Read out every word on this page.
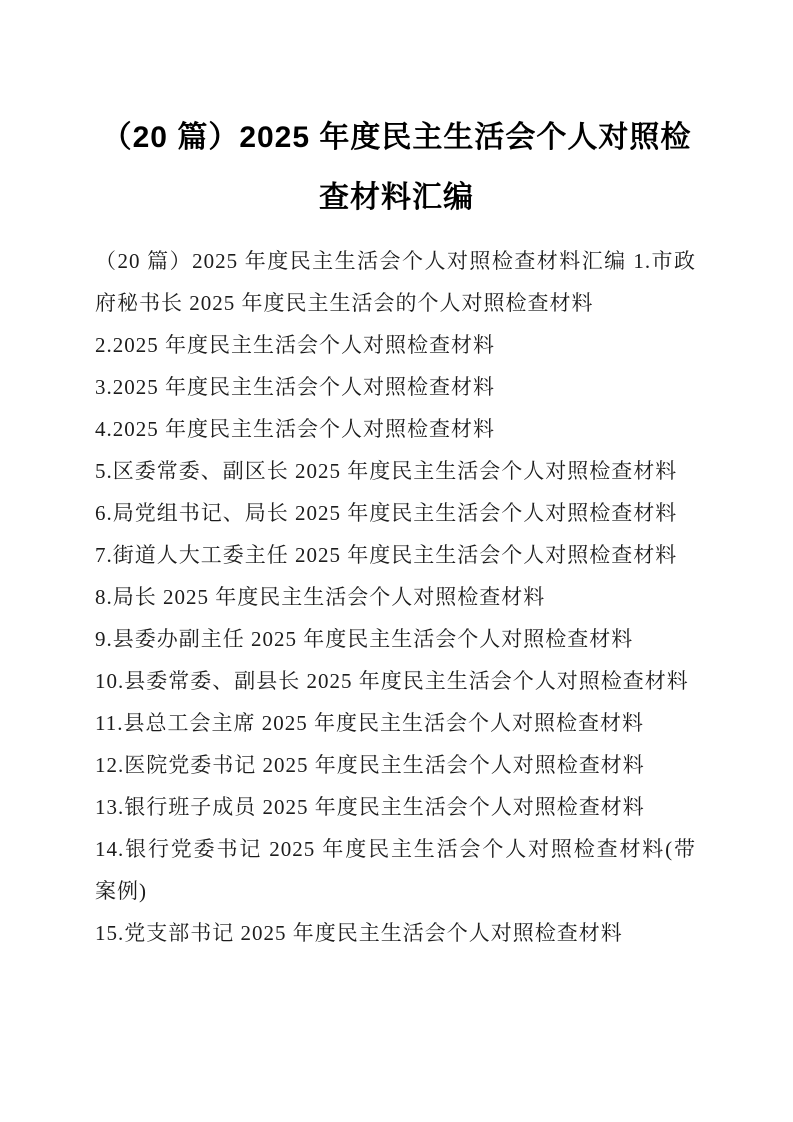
（20 篇）2025 年度民主生活会个人对照检
查材料汇编

（20 篇）2025 年度民主生活会个人对照检查材料汇编 1.市政府秘书长 2025 年度民主生活会的个人对照检查材料

2.2025 年度民主生活会个人对照检查材料

3.2025 年度民主生活会个人对照检查材料

4.2025 年度民主生活会个人对照检查材料

5.区委常委、副区长 2025 年度民主生活会个人对照检查材料

6.局党组书记、局长 2025 年度民主生活会个人对照检查材料

7.街道人大工委主任 2025 年度民主生活会个人对照检查材料

8.局长 2025 年度民主生活会个人对照检查材料

9.县委办副主任 2025 年度民主生活会个人对照检查材料

10.县委常委、副县长 2025 年度民主生活会个人对照检查材料

11.县总工会主席 2025 年度民主生活会个人对照检查材料

12.医院党委书记 2025 年度民主生活会个人对照检查材料

13.银行班子成员 2025 年度民主生活会个人对照检查材料

14.银行党委书记 2025 年度民主生活会个人对照检查材料(带案例)

15.党支部书记 2025 年度民主生活会个人对照检查材料
